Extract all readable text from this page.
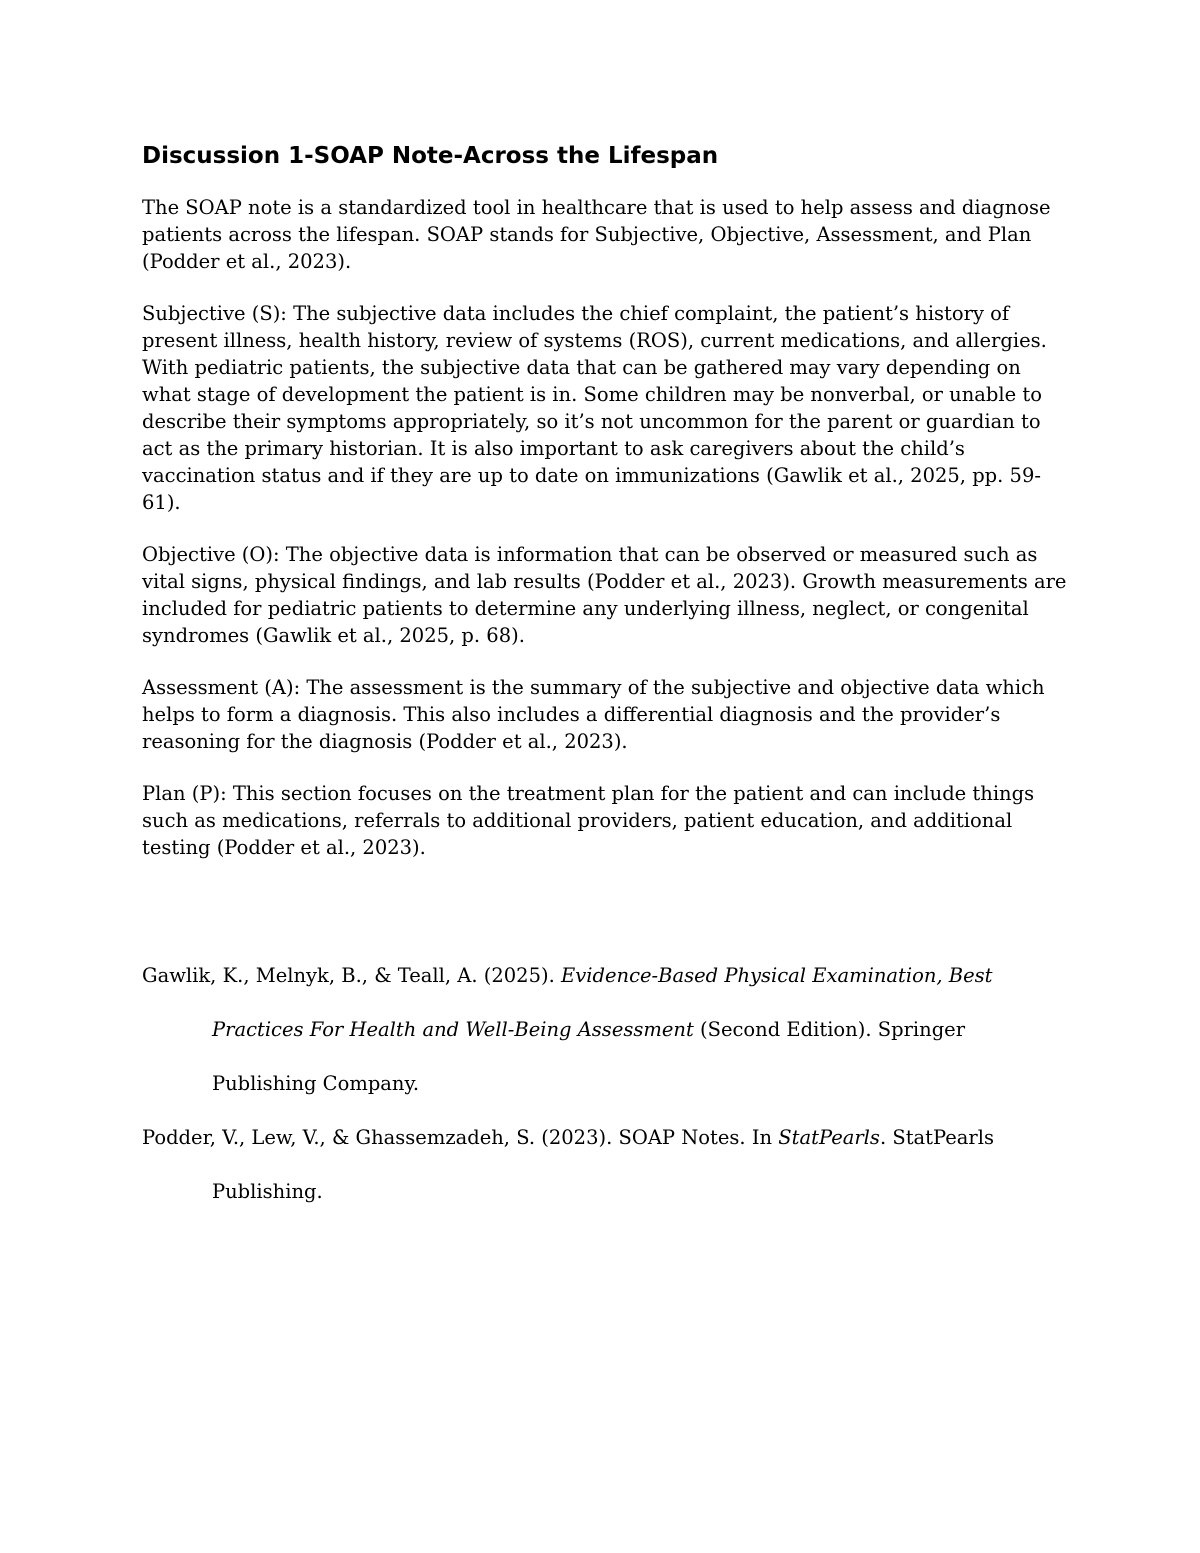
Discussion 1-SOAP Note-Across the Lifespan

The SOAP note is a standardized tool in healthcare that is used to help assess and diagnose patients across the lifespan. SOAP stands for Subjective, Objective, Assessment, and Plan (Podder et al., 2023).

Subjective (S): The subjective data includes the chief complaint, the patient’s history of present illness, health history, review of systems (ROS), current medications, and allergies. With pediatric patients, the subjective data that can be gathered may vary depending on what stage of development the patient is in. Some children may be nonverbal, or unable to describe their symptoms appropriately, so it’s not uncommon for the parent or guardian to act as the primary historian. It is also important to ask caregivers about the child’s vaccination status and if they are up to date on immunizations (Gawlik et al., 2025, pp. 59-61).

Objective (O): The objective data is information that can be observed or measured such as vital signs, physical findings, and lab results (Podder et al., 2023). Growth measurements are included for pediatric patients to determine any underlying illness, neglect, or congenital syndromes (Gawlik et al., 2025, p. 68).

Assessment (A): The assessment is the summary of the subjective and objective data which helps to form a diagnosis. This also includes a differential diagnosis and the provider’s reasoning for the diagnosis (Podder et al., 2023).

Plan (P): This section focuses on the treatment plan for the patient and can include things such as medications, referrals to additional providers, patient education, and additional testing (Podder et al., 2023).

Gawlik, K., Melnyk, B., & Teall, A. (2025). Evidence-Based Physical Examination, Best Practices For Health and Well-Being Assessment (Second Edition). Springer Publishing Company.

Podder, V., Lew, V., & Ghassemzadeh, S. (2023). SOAP Notes. In StatPearls. StatPearls Publishing.
